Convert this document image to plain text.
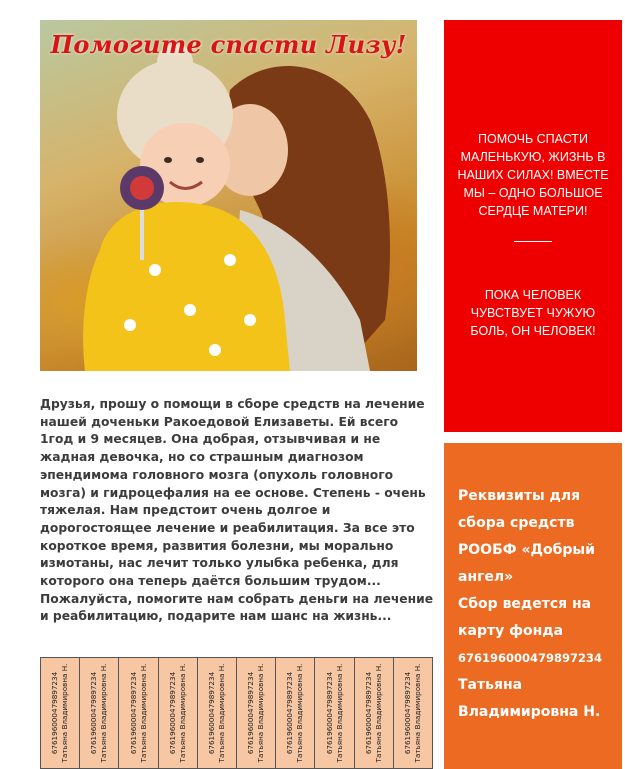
Помогите спасти Лизу!
ПОМОЧЬ СПАСТИ МАЛЕНЬКУЮ, ЖИЗНЬ В НАШИХ СИЛАХ! ВМЕСТЕ МЫ – ОДНО БОЛЬШОЕ СЕРДЦЕ МАТЕРИ!
ПОКА ЧЕЛОВЕК ЧУВСТВУЕТ ЧУЖУЮ БОЛЬ, ОН ЧЕЛОВЕК!
Друзья, прошу о помощи в сборе средств на лечение нашей доченьки Ракоедовой Елизаветы. Ей всего 1год и 9 месяцев. Она добрая, отзывчивая и не жадная девочка, но со страшным диагнозом эпендимома головного мозга (опухоль головного мозга) и гидроцефалия на ее основе. Степень - очень тяжелая. Нам предстоит очень долгое и дорогостоящее лечение и реабилитация. За все это короткое время, развития болезни, мы морально измотаны, нас лечит только улыбка ребенка, для которого она теперь даётся большим трудом... Пожалуйста, помогите нам собрать деньги на лечение и реабилитацию, подарите нам шанс на жизнь...
Реквизиты для сбора средств РООБФ «Добрый ангел»
Сбор ведется на карту фонда
676196000479897234
Татьяна Владимировна Н.
676196000479897234 Татьяна Владимировна Н.	676196000479897234 Татьяна Владимировна Н.	676196000479897234 Татьяна Владимировна Н.	676196000479897234 Татьяна Владимировна Н.	676196000479897234 Татьяна Владимировна Н.	676196000479897234 Татьяна Владимировна Н.	676196000479897234 Татьяна Владимировна Н.	676196000479897234 Татьяна Владимировна Н.	676196000479897234 Татьяна Владимировна Н.	676196000479897234 Татьяна Владимировна Н.
